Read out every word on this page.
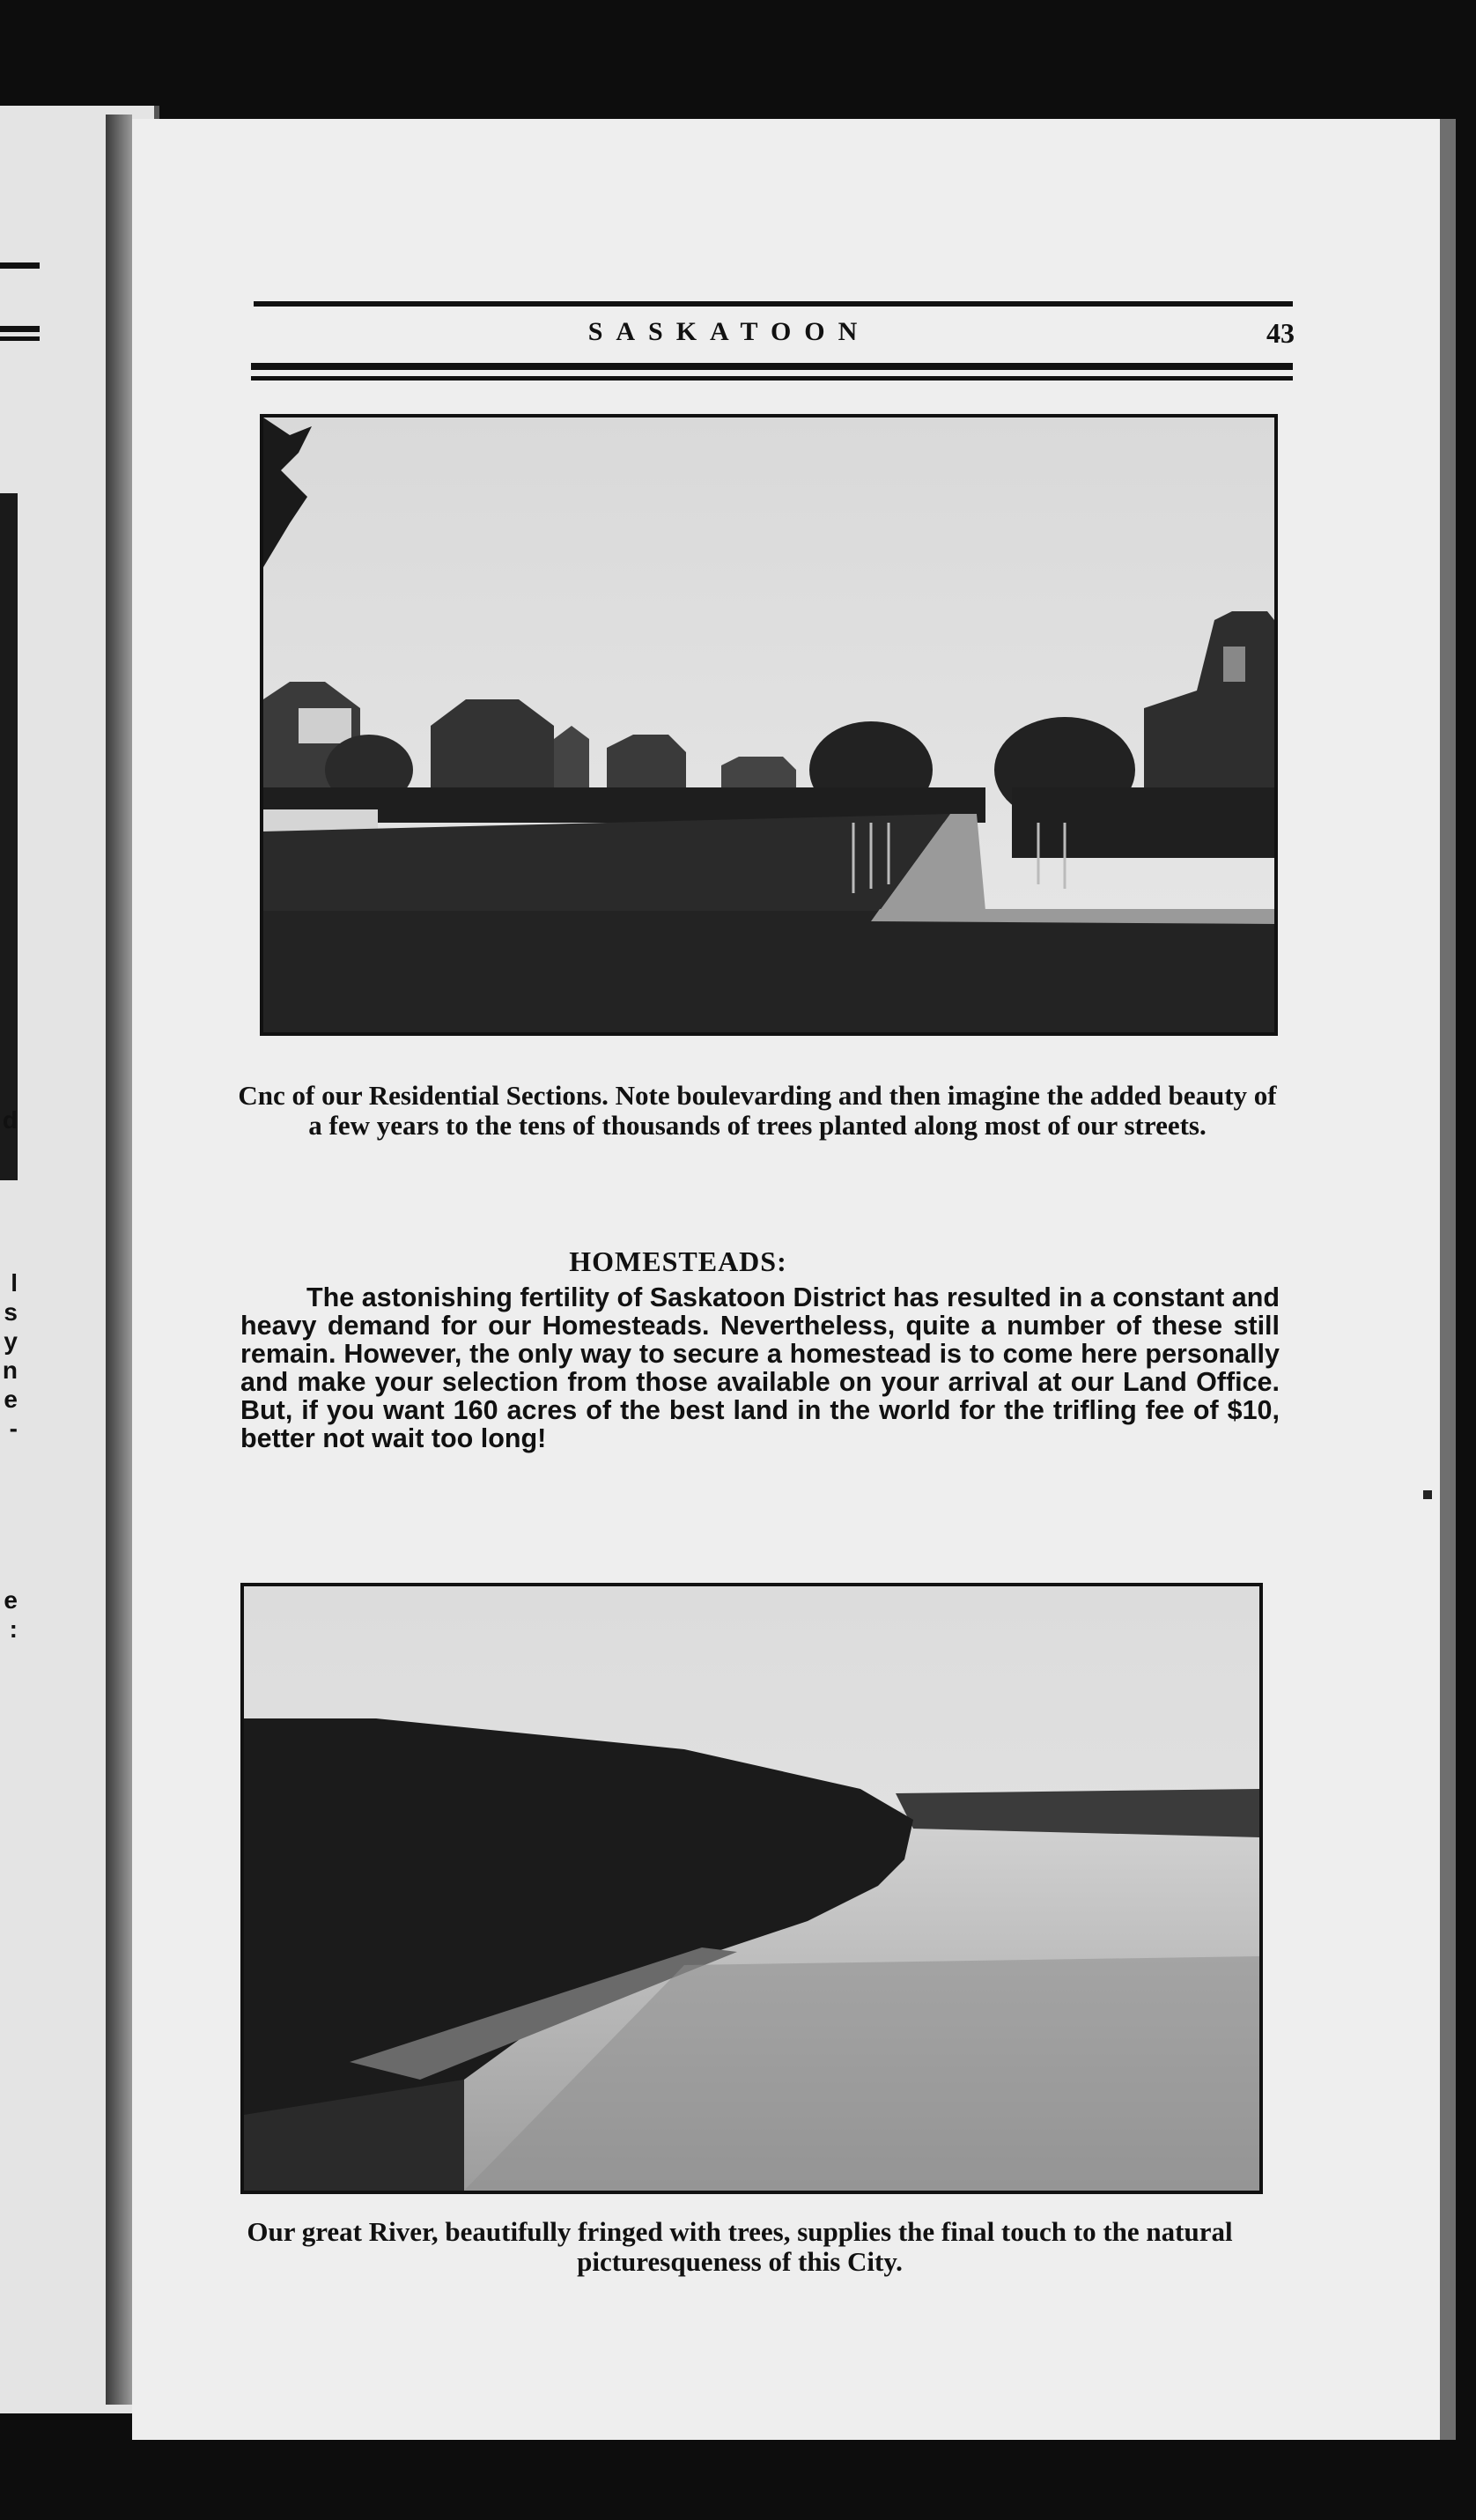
d
l
s
y
n
e
-
e
:
SASKATOON	43
Cnc of our Residential Sections. Note boulevarding and then imagine the added beauty of a few years to the tens of thousands of trees planted along most of our streets.
HOMESTEADS:
The astonishing fertility of Saskatoon District has resulted in a constant and heavy demand for our Homesteads. Nevertheless, quite a number of these still remain. However, the only way to secure a homestead is to come here personally and make your selection from those available on your arrival at our Land Office. But, if you want 160 acres of the best land in the world for the trifling fee of $10, better not wait too long!
Our great River, beautifully fringed with trees, supplies the final touch to the natural picturesqueness of this City.
